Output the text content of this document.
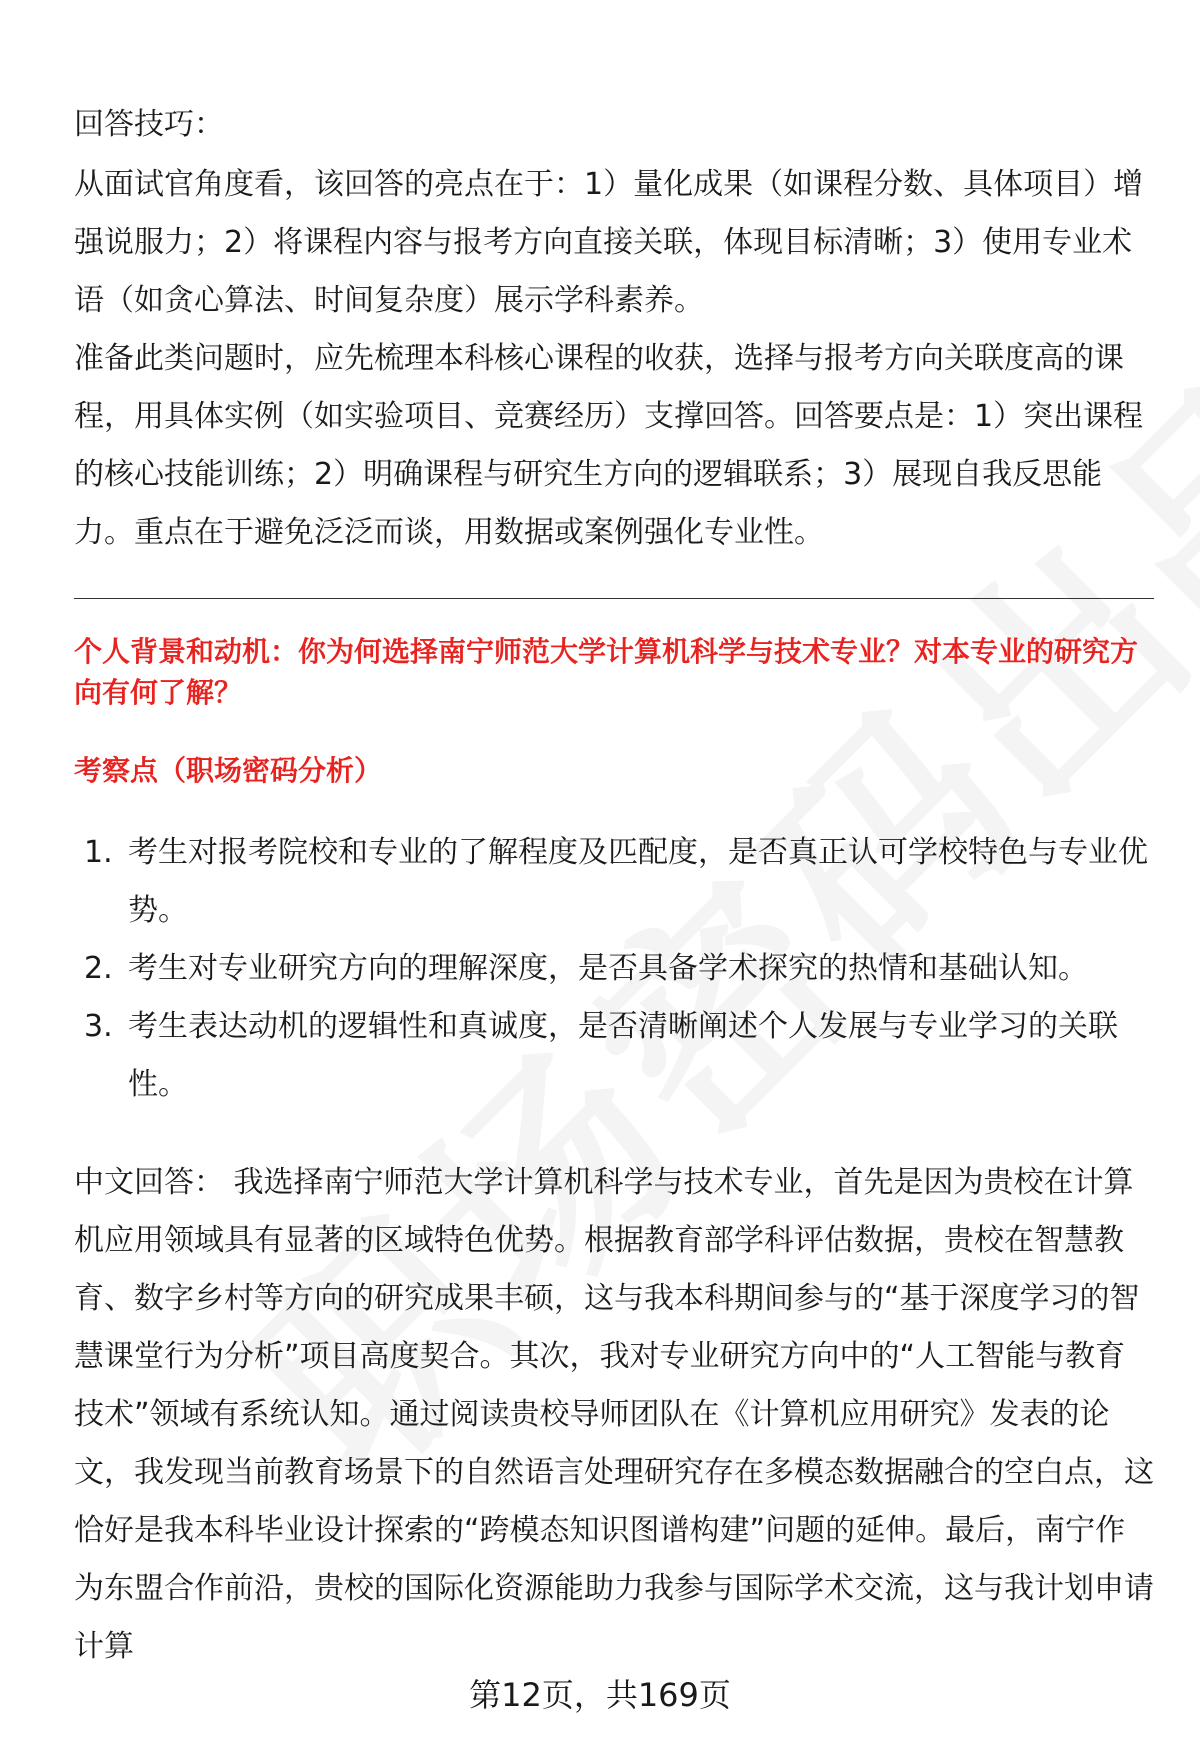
回答技巧：

从面试官角度看，该回答的亮点在于：1）量化成果（如课程分数、具体项目）增强说服力；2）将课程内容与报考方向直接关联，体现目标清晰；3）使用专业术语（如贪心算法、时间复杂度）展示学科素养。

准备此类问题时，应先梳理本科核心课程的收获，选择与报考方向关联度高的课程，用具体实例（如实验项目、竞赛经历）支撑回答。回答要点是：1）突出课程的核心技能训练；2）明确课程与研究生方向的逻辑联系；3）展现自我反思能力。重点在于避免泛泛而谈，用数据或案例强化专业性。

个人背景和动机：你为何选择南宁师范大学计算机科学与技术专业？对本专业的研究方向有何了解？
考察点（职场密码分析）
1. 考生对报考院校和专业的了解程度及匹配度，是否真正认可学校特色与专业优势。
2. 考生对专业研究方向的理解深度，是否具备学术探究的热情和基础认知。
3. 考生表达动机的逻辑性和真诚度，是否清晰阐述个人发展与专业学习的关联性。

中文回答： 我选择南宁师范大学计算机科学与技术专业，首先是因为贵校在计算机应用领域具有显著的区域特色优势。根据教育部学科评估数据，贵校在智慧教育、数字乡村等方向的研究成果丰硕，这与我本科期间参与的“基于深度学习的智慧课堂行为分析”项目高度契合。其次，我对专业研究方向中的“人工智能与教育技术”领域有系统认知。通过阅读贵校导师团队在《计算机应用研究》发表的论文，我发现当前教育场景下的自然语言处理研究存在多模态数据融合的空白点，这恰好是我本科毕业设计探索的“跨模态知识图谱构建”问题的延伸。最后，南宁作为东盟合作前沿，贵校的国际化资源能助力我参与国际学术交流，这与我计划申请计算

第12页，共169页
